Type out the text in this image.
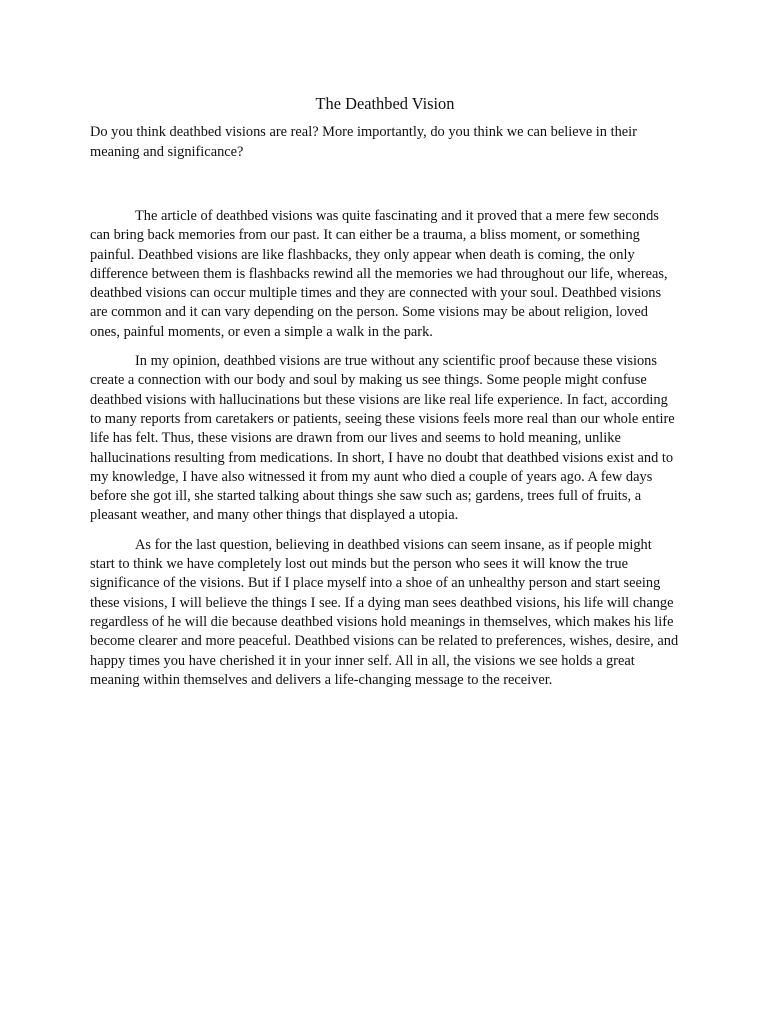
The Deathbed Vision

Do you think deathbed visions are real? More importantly, do you think we can believe in their meaning and significance?

The article of deathbed visions was quite fascinating and it proved that a mere few seconds can bring back memories from our past. It can either be a trauma, a bliss moment, or something painful. Deathbed visions are like flashbacks, they only appear when death is coming, the only difference between them is flashbacks rewind all the memories we had throughout our life, whereas, deathbed visions can occur multiple times and they are connected with your soul. Deathbed visions are common and it can vary depending on the person. Some visions may be about religion, loved ones, painful moments, or even a simple a walk in the park.

In my opinion, deathbed visions are true without any scientific proof because these visions create a connection with our body and soul by making us see things. Some people might confuse deathbed visions with hallucinations but these visions are like real life experience. In fact, according to many reports from caretakers or patients, seeing these visions feels more real than our whole entire life has felt. Thus, these visions are drawn from our lives and seems to hold meaning, unlike hallucinations resulting from medications. In short, I have no doubt that deathbed visions exist and to my knowledge, I have also witnessed it from my aunt who died a couple of years ago. A few days before she got ill, she started talking about things she saw such as; gardens, trees full of fruits, a pleasant weather, and many other things that displayed a utopia.

As for the last question, believing in deathbed visions can seem insane, as if people might start to think we have completely lost out minds but the person who sees it will know the true significance of the visions. But if I place myself into a shoe of an unhealthy person and start seeing these visions, I will believe the things I see. If a dying man sees deathbed visions, his life will change regardless of he will die because deathbed visions hold meanings in themselves, which makes his life become clearer and more peaceful. Deathbed visions can be related to preferences, wishes, desire, and happy times you have cherished it in your inner self. All in all, the visions we see holds a great meaning within themselves and delivers a life-changing message to the receiver.
